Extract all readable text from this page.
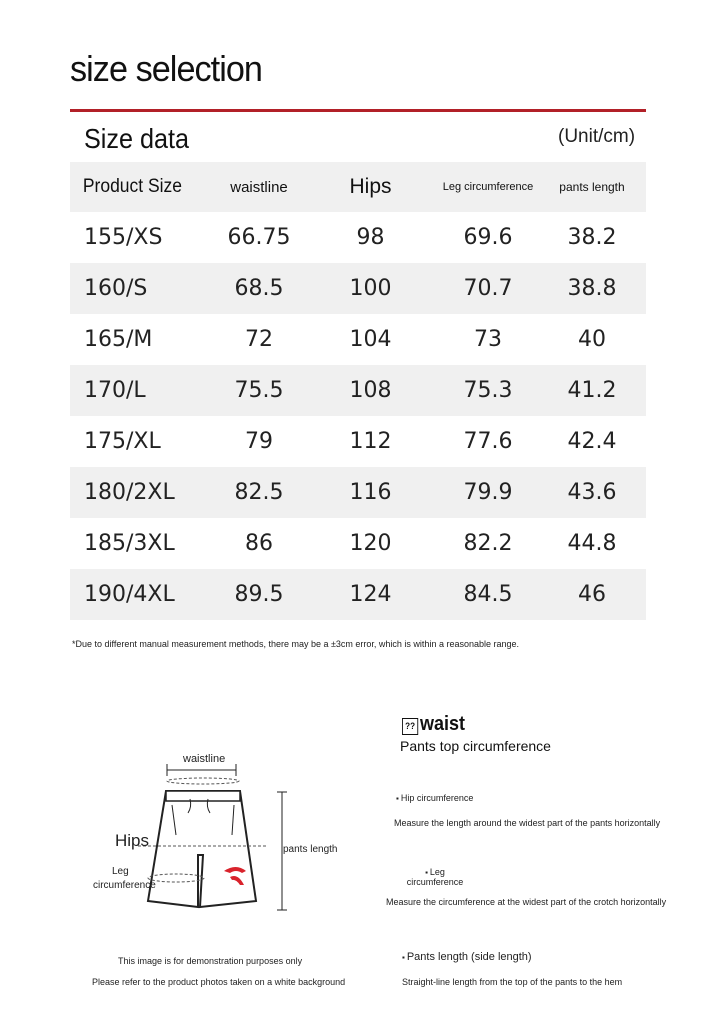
size selection
Size data	(Unit/cm)
Product Size	waistline	Hips	Leg circumference	pants length
155/XS	66.75	98	69.6	38.2
160/S	68.5	100	70.7	38.8
165/M	72	104	73	40
170/L	75.5	108	75.3	41.2
175/XL	79	112	77.6	42.4
180/2XL	82.5	116	79.9	43.6
185/3XL	86	120	82.2	44.8
190/4XL	89.5	124	84.5	46
*Due to different manual measurement methods, there may be a ±3cm error, which is within a reasonable range.
waistline
Hips
Leg
circumference
pants length
This image is for demonstration purposes only
Please refer to the product photos taken on a white background
?? waist
Pants top circumference
▪ Hip circumference
Measure the length around the widest part of the pants horizontally
▪ Leg
circumference
Measure the circumference at the widest part of the crotch horizontally
▪ Pants length (side length)
Straight-line length from the top of the pants to the hem
